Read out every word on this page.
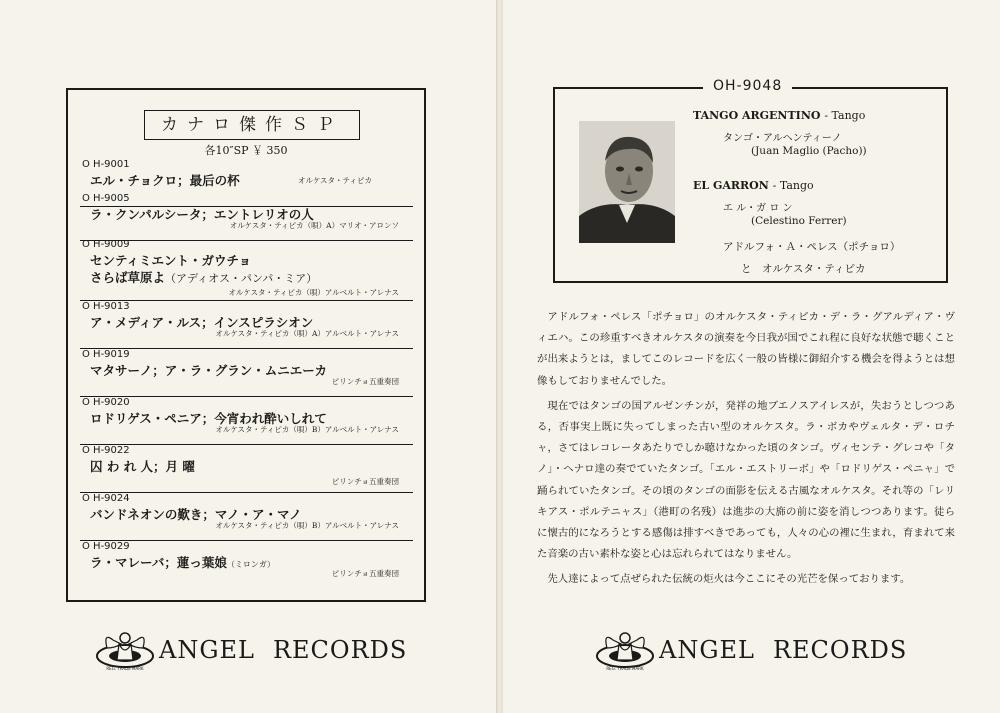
カナロ傑作ＳＰ
各10″SP ￥ 350
O H-9001
エル・チョクロ；最后の杯	オルケスタ・ティピカ
O H-9005
ラ・クンパルシータ；エントレリオの人
オルケスタ・ティピカ（唄）A）マリオ・アロンソ
O H-9009
センティミエント・ガウチョ
さらば草原よ（アディオス・パンパ・ミア）
オルケスタ・ティピカ（唄）アルベルト・アレナス
O H-9013
ア・メディア・ルス；インスピラシオン
オルケスタ・ティピカ（唄）A）アルベルト・アレナス
O H-9019
マタサーノ；ア・ラ・グラン・ムニエーカ
ピリンチョ五重奏団
O H-9020
ロドリゲス・ペニア；今宵われ酔いしれて
オルケスタ・ティピカ（唄）B）アルベルト・アレナス
O H-9022
囚 わ れ 人；月 曜
ピリンチョ五重奏団
O H-9024
バンドネオンの歎き；マノ・ア・マノ
オルケスタ・ティピカ（唄）B）アルベルト・アレナス
O H-9029
ラ・マレーバ；蓮っ葉娘（ミロンガ）
ピリンチョ五重奏団
REG. TRADE MARK
ANGEL RECORDS
OH-9048
TANGO ARGENTINO - Tango
タンゴ・アルヘンティーノ
(Juan Maglio (Pacho))
EL GARRON - Tango
エ ル・ガ ロ ン
(Celestino Ferrer)
アドルフォ・Ａ・ペレス（ポチョロ）
と　 オルケスタ・ティピカ

アドルフォ・ペレス「ポチョロ」のオルケスタ・ティピカ・デ・ラ・グアルディア・ヴィエハ。この珍重すべきオルケスタの演奏を今日我が国でこれ程に良好な状態で聴くことが出来ようとは，ましてこのレコードを広く一般の皆様に御紹介する機会を得ようとは想像もしておりませんでした。

現在ではタンゴの国アルゼンチンが，発祥の地ブエノスアイレスが，失おうとしつつある，否事実上既に失ってしまった古い型のオルケスタ。ラ・ボカやヴェルタ・デ・ロチャ，さてはレコレータあたりでしか聴けなかった頃のタンゴ。ヴィセンテ・グレコや「タノ」・ヘナロ達の奏でていたタンゴ。「エル・エストリーボ」や「ロドリゲス・ペニャ」で踊られていたタンゴ。その頃のタンゴの面影を伝える古風なオルケスタ。それ等の「レリキアス・ポルテニャス」（港町の名残）は進歩の大旆の前に姿を消しつつあります。徒らに懐古的になろうとする感傷は排すべきであっても，人々の心の裡に生まれ，育まれて来た音楽の古い素朴な姿と心は忘れられてはなりません。

先人達によって点ぜられた伝統の炬火は今ここにその光芒を保っております。

REG. TRADE MARK
ANGEL RECORDS
